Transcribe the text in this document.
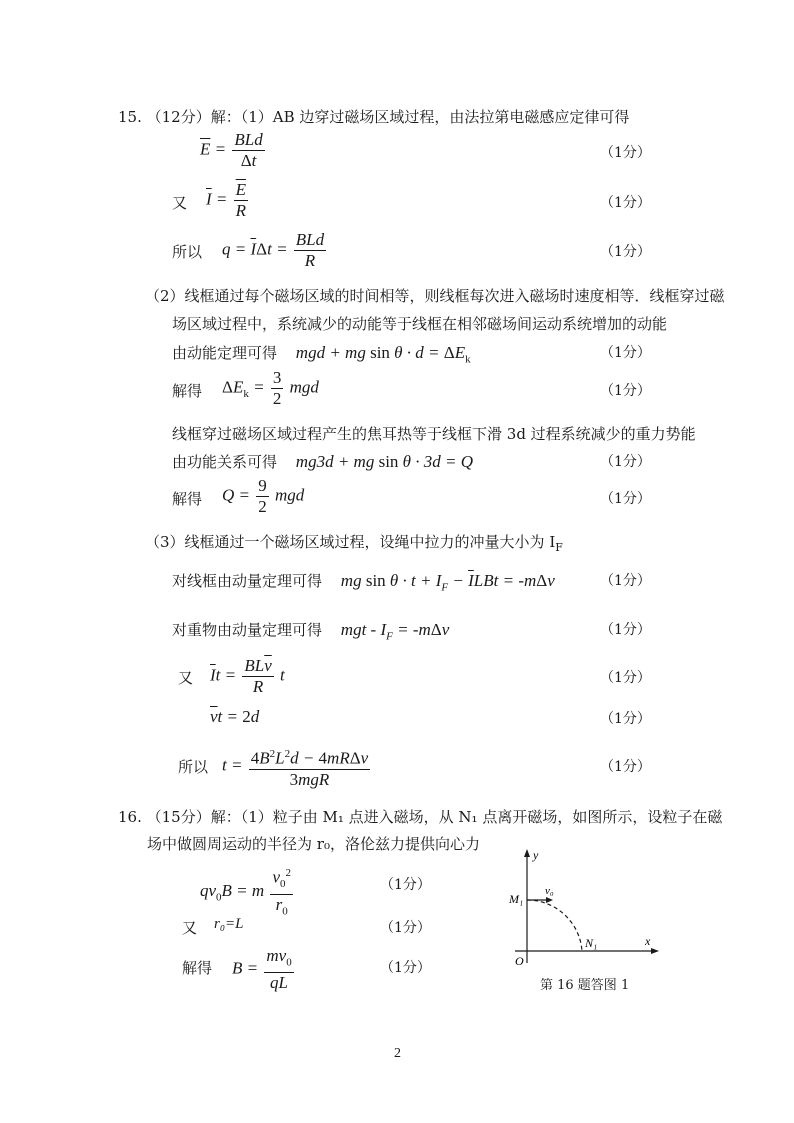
15. （12分）解：（1）AB 边穿过磁场区域过程，由法拉第电磁感应定律可得
$\overline{E} = \frac{\text{BLd}}{\Delta t}$	（1分）
又 $\overline{I} = \frac{\overline{E}}{R}$	（1分）
所以 $q = \overline{I}\Delta t = \frac{\text{BLd}}{R}$	（1分）
（2）线框通过每个磁场区域的时间相等，则线框每次进入磁场时速度相等．线框穿过磁
场区域过程中，系统减少的动能等于线框在相邻磁场间运动系统增加的动能
由动能定理可得 mgd + mg $\sin \theta \cdot d = \Delta E_k$	（1分）
解得 $\Delta E_k = \frac{3}{2}$ mgd	（1分）
线框穿过磁场区域过程产生的焦耳热等于线框下滑 3d 过程系统减少的重力势能
由功能关系可得 mg3d + mg sin θ · 3d = Q	（1分）
解得 $Q = \frac{9}{2}$ mgd	（1分）
（3）线框通过一个磁场区域过程，设绳中拉力的冲量大小为 $I_F$
对线框由动量定理可得 mg $\sin \theta \cdot t + I_F - \overline{I}LBt = -m\Delta v$	（1分）
对重物由动量定理可得 mgt - $I_F = -m\Delta v$	（1分）
又 $\overline{I}t = \frac{BL\overline{v}}{R}$ t	（1分）
$\overline{v}t = 2d$	（1分）
所以 $t = \frac{4B^2L^2d - 4mR\Delta v}{\text{3mgR}}$	（1分）
16. （15分）解：（1）粒子由 M₁ 点进入磁场，从 N₁ 点离开磁场，如图所示，设粒子在磁
场中做圆周运动的半径为 r₀，洛伦兹力提供向心力
$qv_0B = m \frac{v_0^2}{r_0}$	（1分）
又 r₀=L	（1分）
解得 $B = \frac{mv_0}{qL}$	（1分）
y
x
O
M₁
N₁
v₀
第 16 题答图 1
2
